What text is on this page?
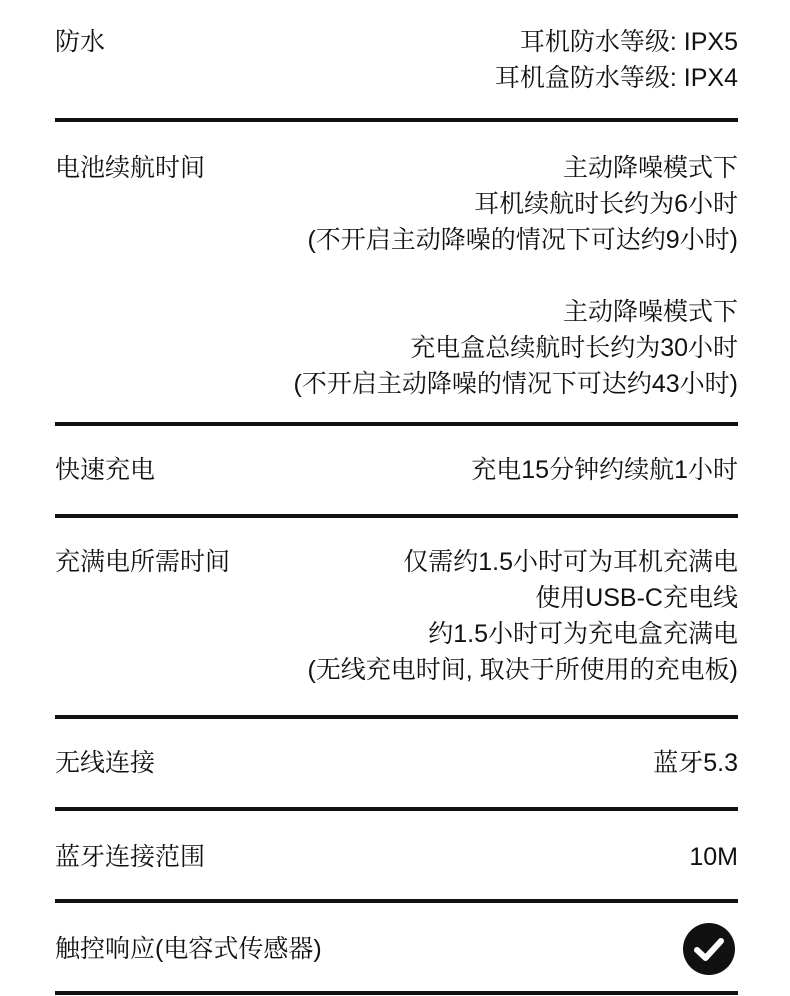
防水	耳机防水等级: IPX5
耳机盒防水等级: IPX4
电池续航时间	主动降噪模式下
耳机续航时长约为6小时
(不开启主动降噪的情况下可达约9小时)
主动降噪模式下
充电盒总续航时长约为30小时
(不开启主动降噪的情况下可达约43小时)
快速充电	充电15分钟约续航1小时
充满电所需时间	仅需约1.5小时可为耳机充满电
使用USB-C充电线
约1.5小时可为充电盒充满电
(无线充电时间, 取决于所使用的充电板)
无线连接	蓝牙5.3
蓝牙连接范围	10M
触控响应(电容式传感器)
